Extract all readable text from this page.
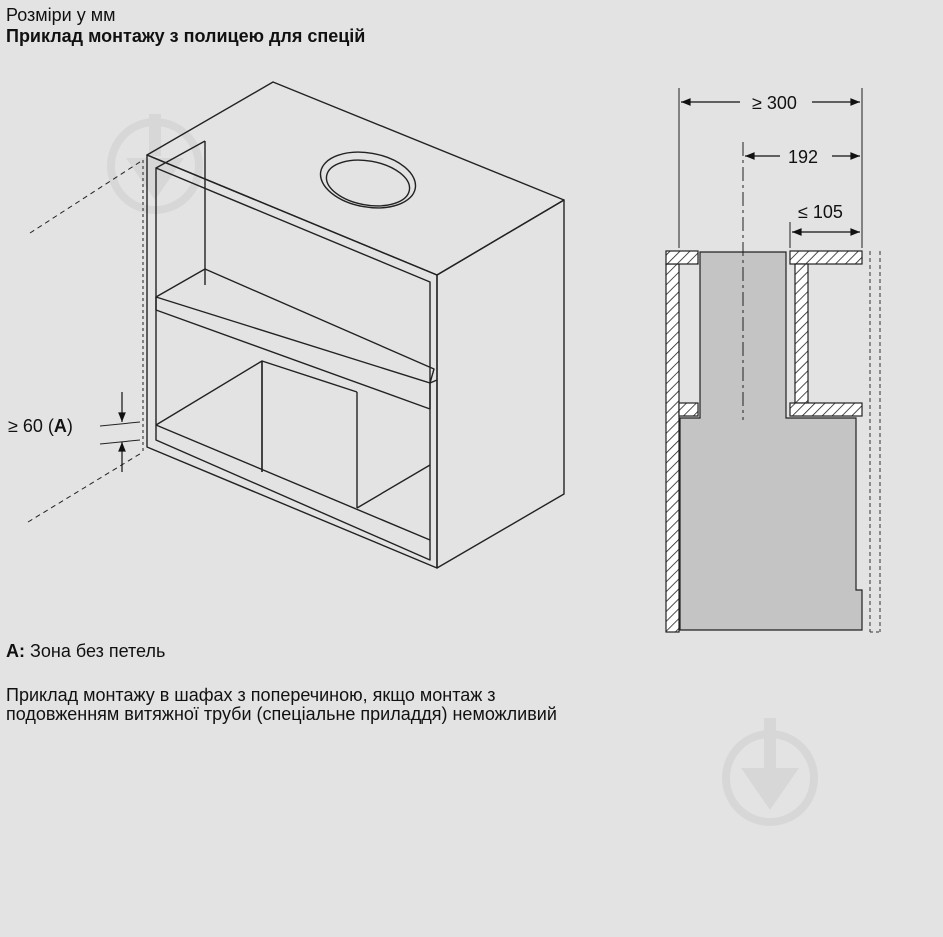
Розміри у мм
Приклад монтажу з полицею для спецій
≥ 60 (A)
≥ 300
192
≤ 105
A: Зона без петель
Приклад монтажу в шафах з поперечиною, якщо монтаж з подовженням витяжної труби (спеціальне приладдя) неможливий
